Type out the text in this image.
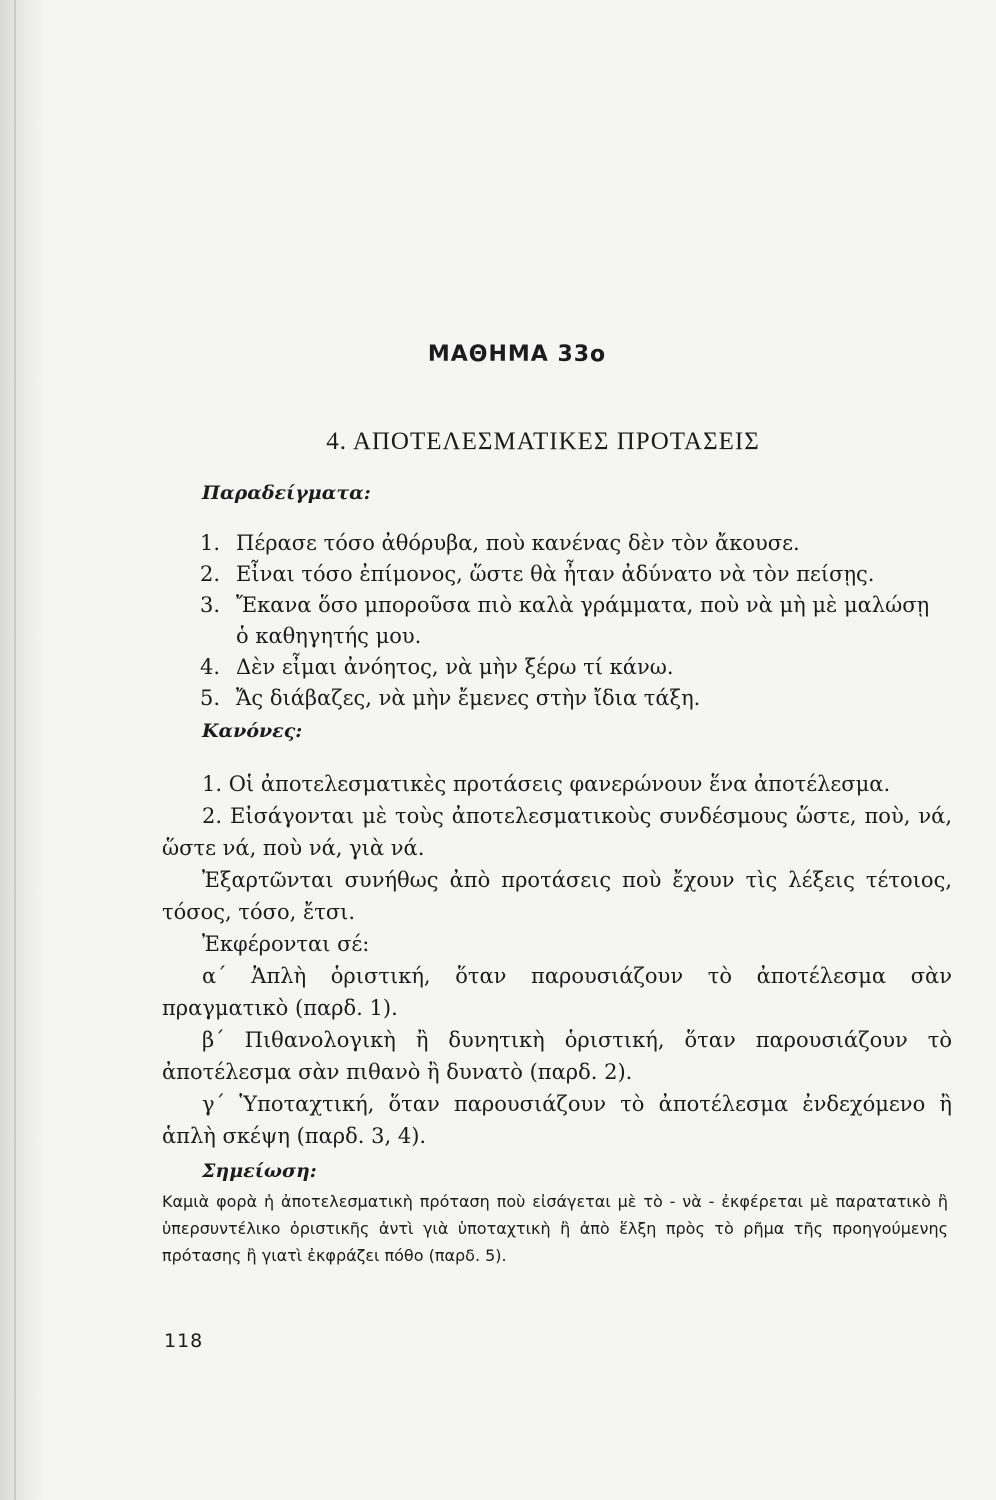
ΜΑΘΗΜΑ 33ο
4. ΑΠΟΤΕΛΕΣΜΑΤΙΚΕΣ ΠΡΟΤΑΣΕΙΣ
Παραδείγματα:
1. Πέρασε τόσο ἀθόρυβα, ποὺ κανένας δὲν τὸν ἄκουσε.
2. Εἶναι τόσο ἐπίμονος, ὥστε θὰ ἦταν ἀδύνατο νὰ τὸν πείσῃς.
3. Ἔκανα ὅσο μποροῦσα πιὸ καλὰ γράμματα, ποὺ νὰ μὴ μὲ μαλώσῃ ὁ καθηγητής μου.
4. Δὲν εἶμαι ἀνόητος, νὰ μὴν ξέρω τί κάνω.
5. Ἄς διάβαζες, νὰ μὴν ἔμενες στὴν ἴδια τάξη.
Κανόνες:

1. Οἱ ἀποτελεσματικὲς προτάσεις φανερώνουν ἕνα ἀποτέλεσμα.

2. Εἰσάγονται μὲ τοὺς ἀποτελεσματικοὺς συνδέσμους ὥστε, ποὺ, νά, ὥστε νά, ποὺ νά, γιὰ νά.

Ἐξαρτῶνται συνήθως ἀπὸ προτάσεις ποὺ ἔχουν τὶς λέξεις τέτοιος, τόσος, τόσο, ἔτσι.

Ἐκφέρονται σέ:

α΄ Ἁπλὴ ὁριστική, ὅταν παρουσιάζουν τὸ ἀποτέλεσμα σὰν πραγματικὸ (παρδ. 1).

β΄ Πιθανολογικὴ ἢ δυνητικὴ ὁριστική, ὅταν παρουσιάζουν τὸ ἀποτέλεσμα σὰν πιθανὸ ἢ δυνατὸ (παρδ. 2).

γ΄ Ὑποταχτική, ὅταν παρουσιάζουν τὸ ἀποτέλεσμα ἐνδεχόμενο ἢ ἁπλὴ σκέψη (παρδ. 3, 4).

Σημείωση:
Καμιὰ φορὰ ἡ ἀποτελεσματικὴ πρόταση ποὺ εἰσάγεται μὲ τὸ - νὰ - ἐκφέρεται μὲ παρατατικὸ ἢ ὑπερσυντέλικο ὁριστικῆς ἀντὶ γιὰ ὑποταχτικὴ ἢ ἀπὸ ἕλξη πρὸς τὸ ρῆμα τῆς προηγούμενης πρότασης ἢ γιατὶ ἐκφράζει πόθο (παρδ. 5).
118
